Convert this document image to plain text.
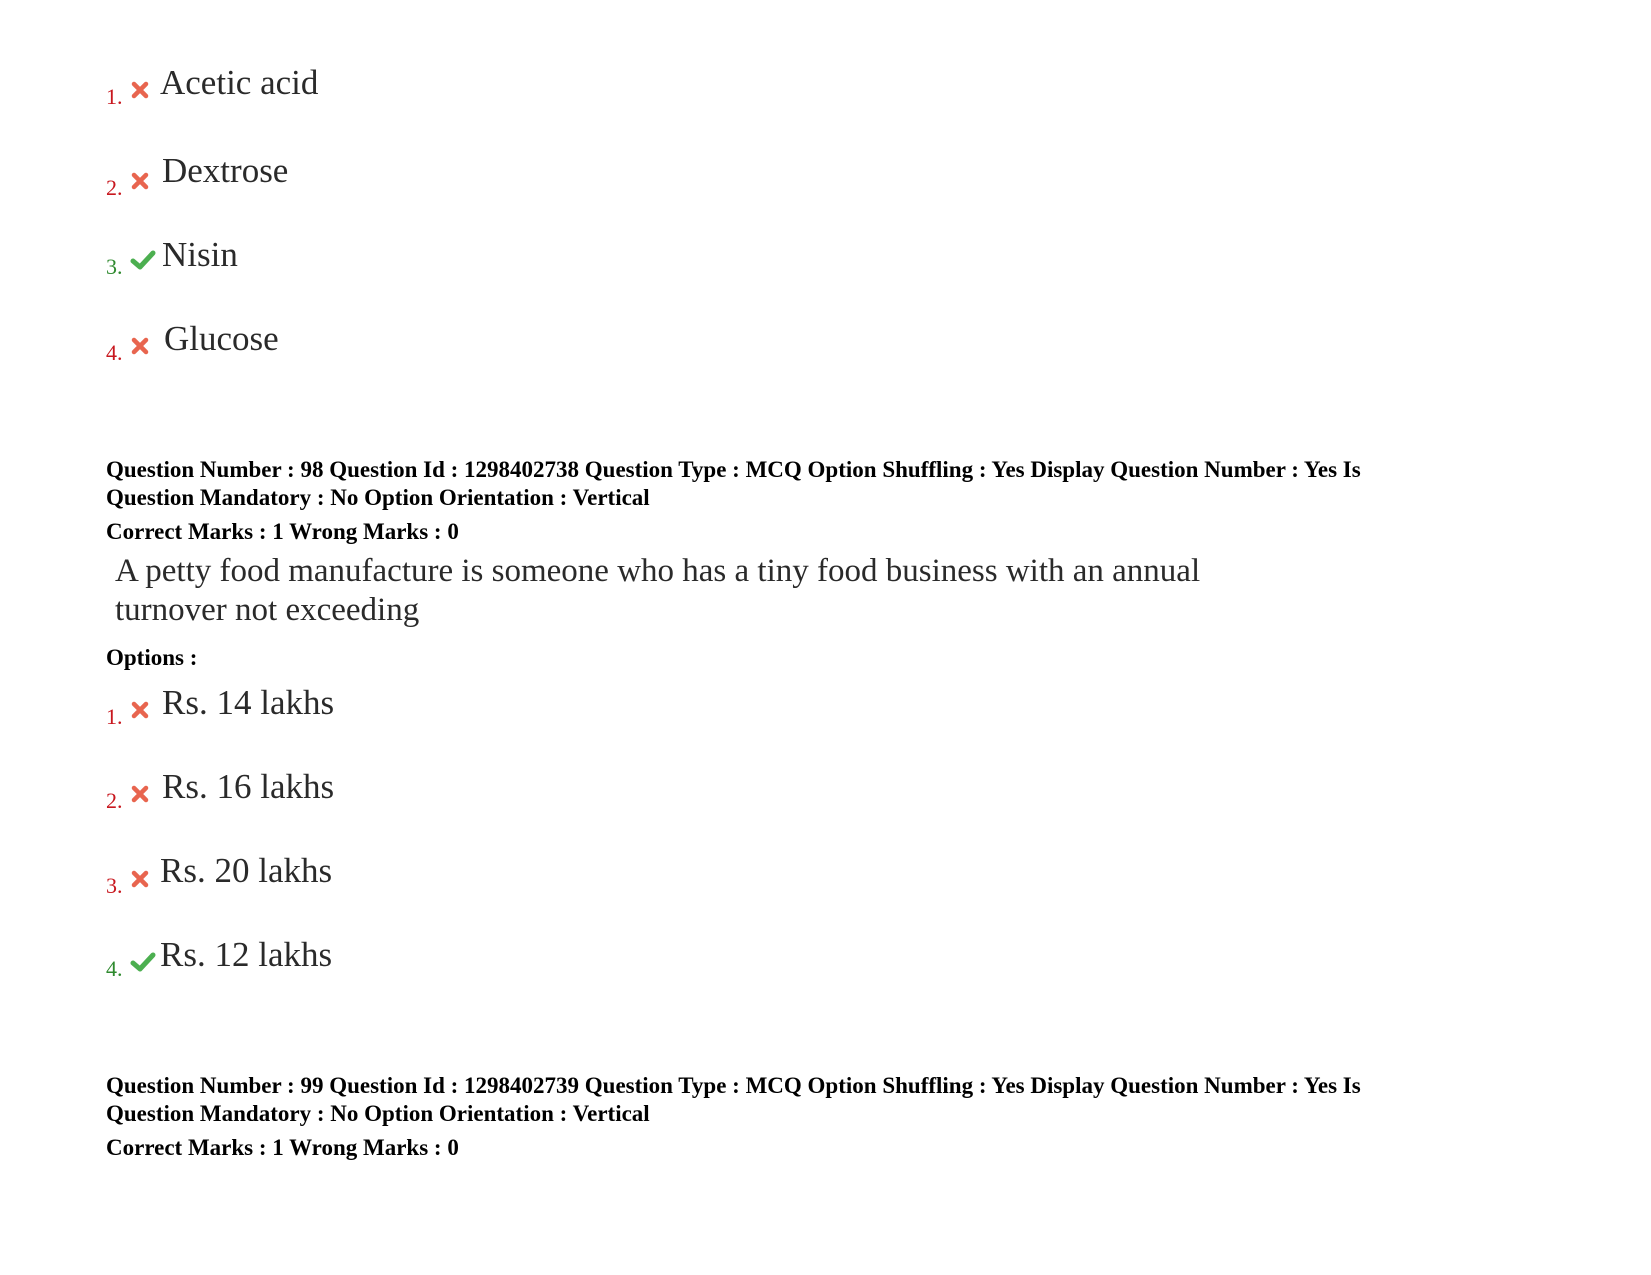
1. Acetic acid
2. Dextrose
3. Nisin
4. Glucose
Question Number : 98 Question Id : 1298402738 Question Type : MCQ Option Shuffling : Yes Display Question Number : Yes Is
Question Mandatory : No Option Orientation : Vertical
Correct Marks : 1 Wrong Marks : 0
A petty food manufacture is someone who has a tiny food business with an annual
turnover not exceeding
Options :
1. Rs. 14 lakhs
2. Rs. 16 lakhs
3. Rs. 20 lakhs
4. Rs. 12 lakhs
Question Number : 99 Question Id : 1298402739 Question Type : MCQ Option Shuffling : Yes Display Question Number : Yes Is
Question Mandatory : No Option Orientation : Vertical
Correct Marks : 1 Wrong Marks : 0
